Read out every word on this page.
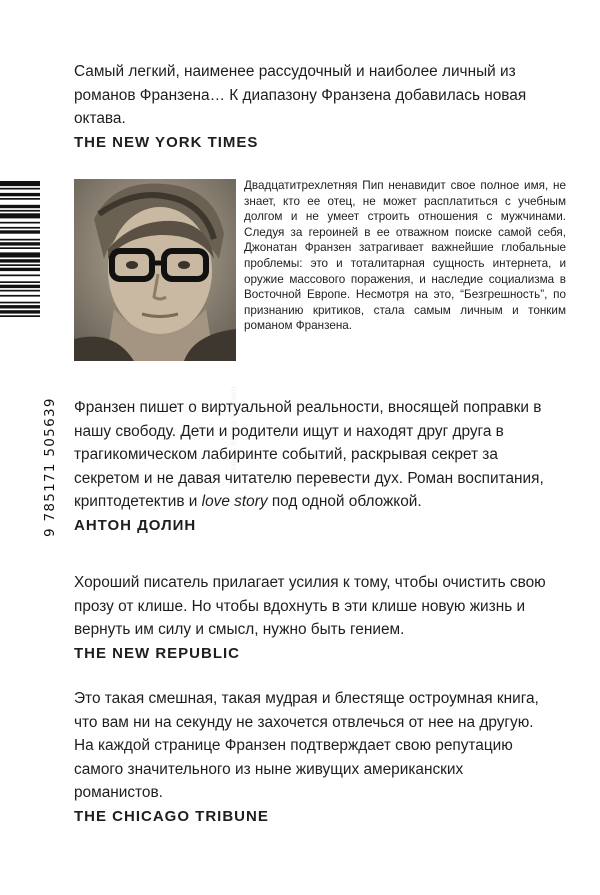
Самый легкий, наименее рассудочный и наиболее личный из романов Франзена… К диапазону Франзена добавилась новая октава.

THE NEW YORK TIMES
9 785171 505639	Photo © Shelby Graham

Двадцатитрехлетняя Пип ненавидит свое полное имя, не знает, кто ее отец, не может расплатиться с учебным долгом и не умеет строить отношения с мужчинами. Следуя за героиней в ее отважном поиске самой себя, Джонатан Франзен затрагивает важнейшие глобальные проблемы: это и тоталитарная сущность интернета, и оружие массового поражения, и наследие социализма в Восточной Европе. Несмотря на это, “Безгрешность”, по признанию критиков, стала самым личным и тонким романом Франзена.

Франзен пишет о виртуальной реальности, вносящей поправки в нашу свободу. Дети и родители ищут и находят друг друга в трагикомическом лабиринте событий, раскрывая секрет за секретом и не давая читателю перевести дух. Роман воспитания, криптодетектив и love story под одной обложкой.

АНТОН ДОЛИН

Хороший писатель прилагает усилия к тому, чтобы очистить свою прозу от клише. Но чтобы вдохнуть в эти клише новую жизнь и вернуть им силу и смысл, нужно быть гением.

THE NEW REPUBLIC

Это такая смешная, такая мудрая и блестяще остроумная книга, что вам ни на секунду не захочется отвлечься от нее на другую. На каждой странице Франзен подтверждает свою репутацию самого значительного из ныне живущих американских романистов.

THE CHICAGO TRIBUNE
